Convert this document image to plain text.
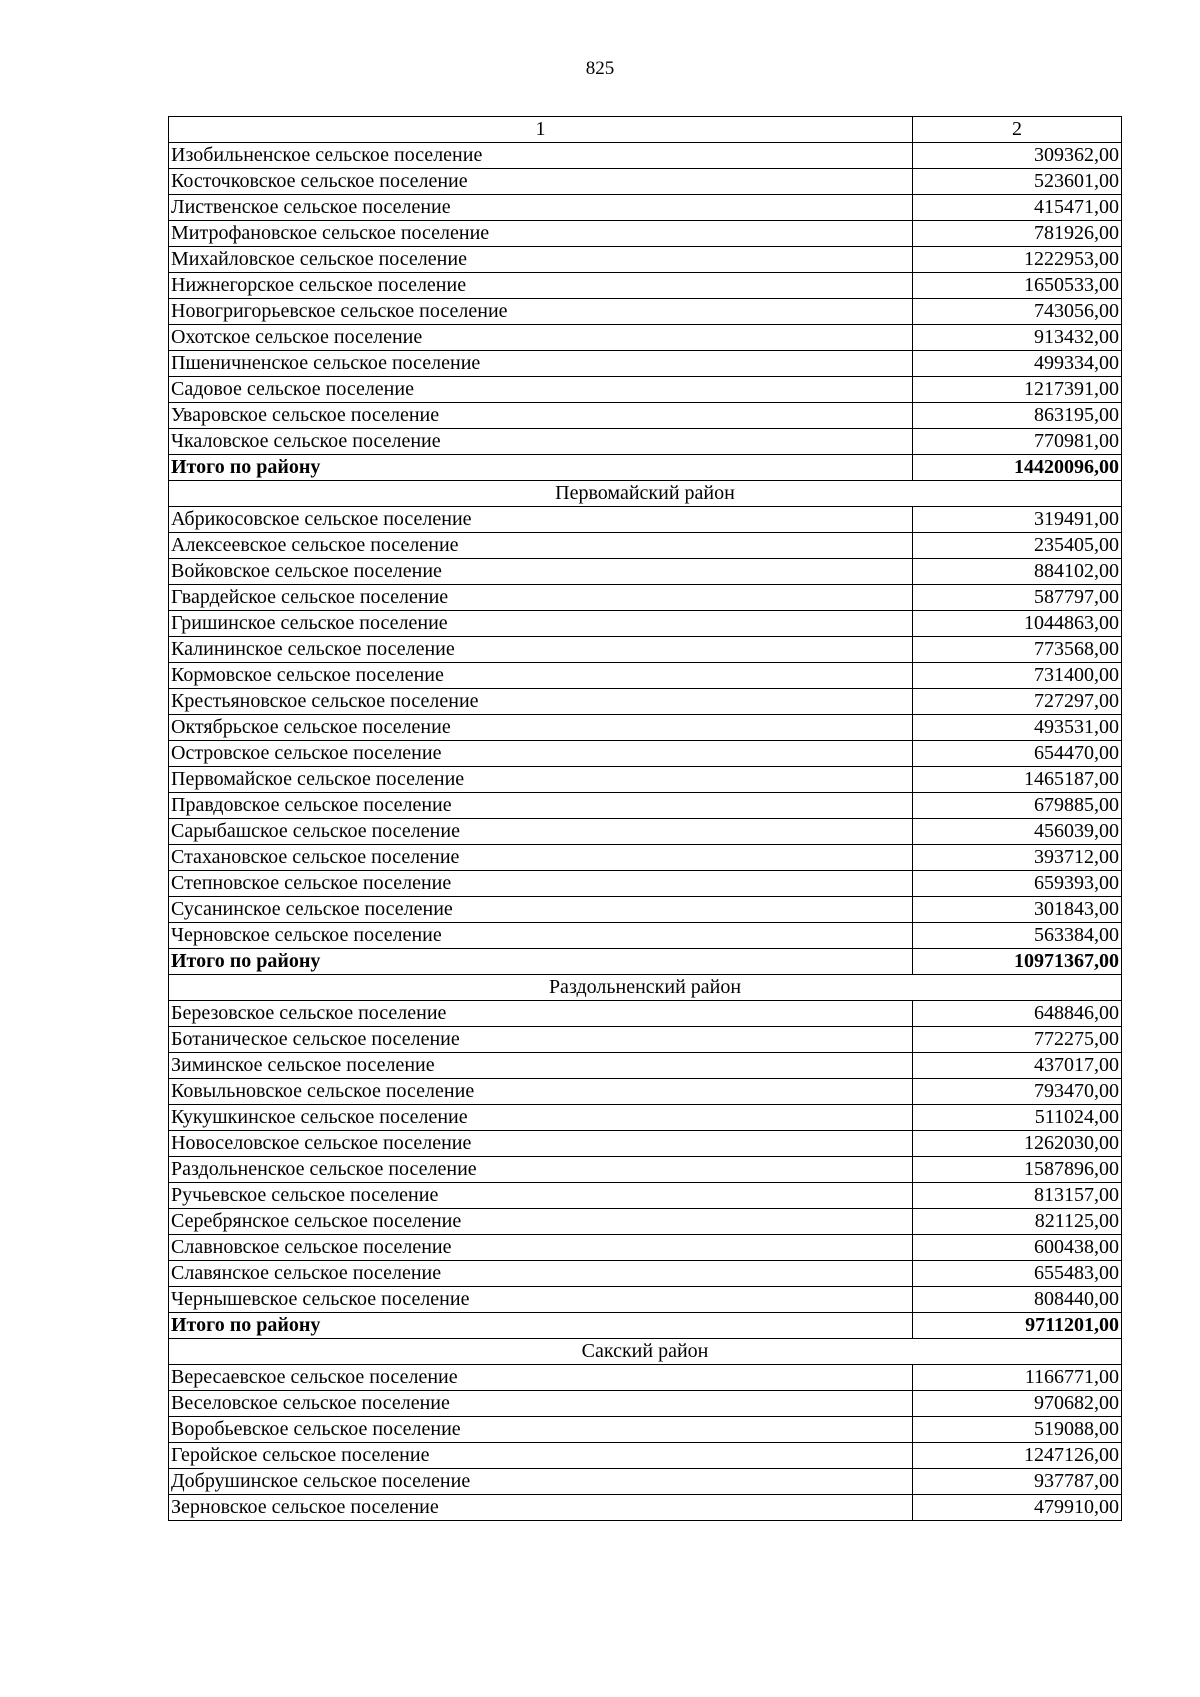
825
1	2
Изобильненское сельское поселение	309362,00
Косточковское сельское поселение	523601,00
Лиственское сельское поселение	415471,00
Митрофановское сельское поселение	781926,00
Михайловское сельское поселение	1222953,00
Нижнегорское сельское поселение	1650533,00
Новогригорьевское сельское поселение	743056,00
Охотское сельское поселение	913432,00
Пшеничненское сельское поселение	499334,00
Садовое сельское поселение	1217391,00
Уваровское сельское поселение	863195,00
Чкаловское сельское поселение	770981,00
Итого по району	14420096,00
Первомайский район	
Абрикосовское сельское поселение	319491,00
Алексеевское сельское поселение	235405,00
Войковское сельское поселение	884102,00
Гвардейское сельское поселение	587797,00
Гришинское сельское поселение	1044863,00
Калининское сельское поселение	773568,00
Кормовское сельское поселение	731400,00
Крестьяновское сельское поселение	727297,00
Октябрьское сельское поселение	493531,00
Островское сельское поселение	654470,00
Первомайское сельское поселение	1465187,00
Правдовское сельское поселение	679885,00
Сарыбашское сельское поселение	456039,00
Стахановское сельское поселение	393712,00
Степновское сельское поселение	659393,00
Сусанинское сельское поселение	301843,00
Черновское сельское поселение	563384,00
Итого по району	10971367,00
Раздольненский район	
Березовское сельское поселение	648846,00
Ботаническое сельское поселение	772275,00
Зиминское сельское поселение	437017,00
Ковыльновское сельское поселение	793470,00
Кукушкинское сельское поселение	511024,00
Новоселовское сельское поселение	1262030,00
Раздольненское сельское поселение	1587896,00
Ручьевское сельское поселение	813157,00
Серебрянское сельское поселение	821125,00
Славновское сельское поселение	600438,00
Славянское сельское поселение	655483,00
Чернышевское сельское поселение	808440,00
Итого по району	9711201,00
Сакский район	
Вересаевское сельское поселение	1166771,00
Веселовское сельское поселение	970682,00
Воробьевское сельское поселение	519088,00
Геройское сельское поселение	1247126,00
Добрушинское сельское поселение	937787,00
Зерновское сельское поселение	479910,00
